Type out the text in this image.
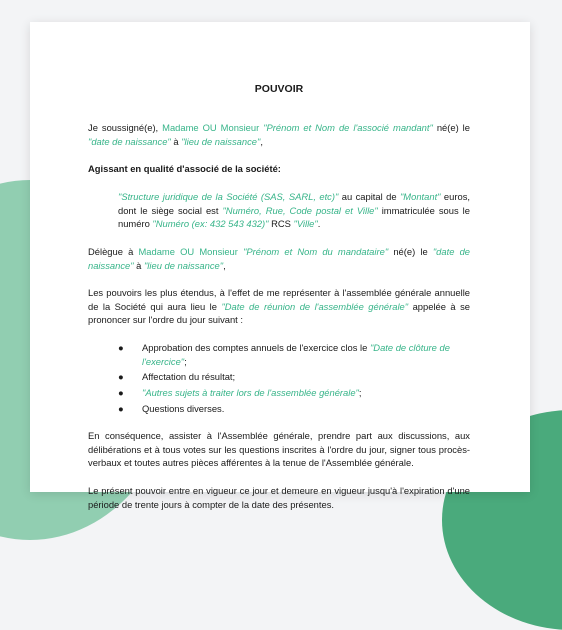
POUVOIR

Je soussigné(e), Madame OU Monsieur "Prénom et Nom de l'associé mandant" né(e) le "date de naissance" à "lieu de naissance",

Agissant en qualité d'associé de la société:

"Structure juridique de la Société (SAS, SARL, etc)" au capital de "Montant" euros, dont le siège social est "Numéro, Rue, Code postal et Ville" immatriculée sous le numéro "Numéro (ex: 432 543 432)" RCS "Ville".

Délègue à Madame OU Monsieur "Prénom et Nom du mandataire" né(e) le "date de naissance" à "lieu de naissance",

Les pouvoirs les plus étendus, à l'effet de me représenter à l'assemblée générale annuelle de la Société qui aura lieu le "Date de réunion de l'assemblée générale" appelée à se prononcer sur l'ordre du jour suivant :

● Approbation des comptes annuels de l'exercice clos le "Date de clôture de l'exercice";
● Affectation du résultat;
● "Autres sujets à traiter lors de l'assemblée générale";
● Questions diverses.

En conséquence, assister à l'Assemblée générale, prendre part aux discussions, aux délibérations et à tous votes sur les questions inscrites à l'ordre du jour, signer tous procès-verbaux et toutes autres pièces afférentes à la tenue de l'Assemblée générale.

Le présent pouvoir entre en vigueur ce jour et demeure en vigueur jusqu'à l'expiration d'une période de trente jours à compter de la date des présentes.
